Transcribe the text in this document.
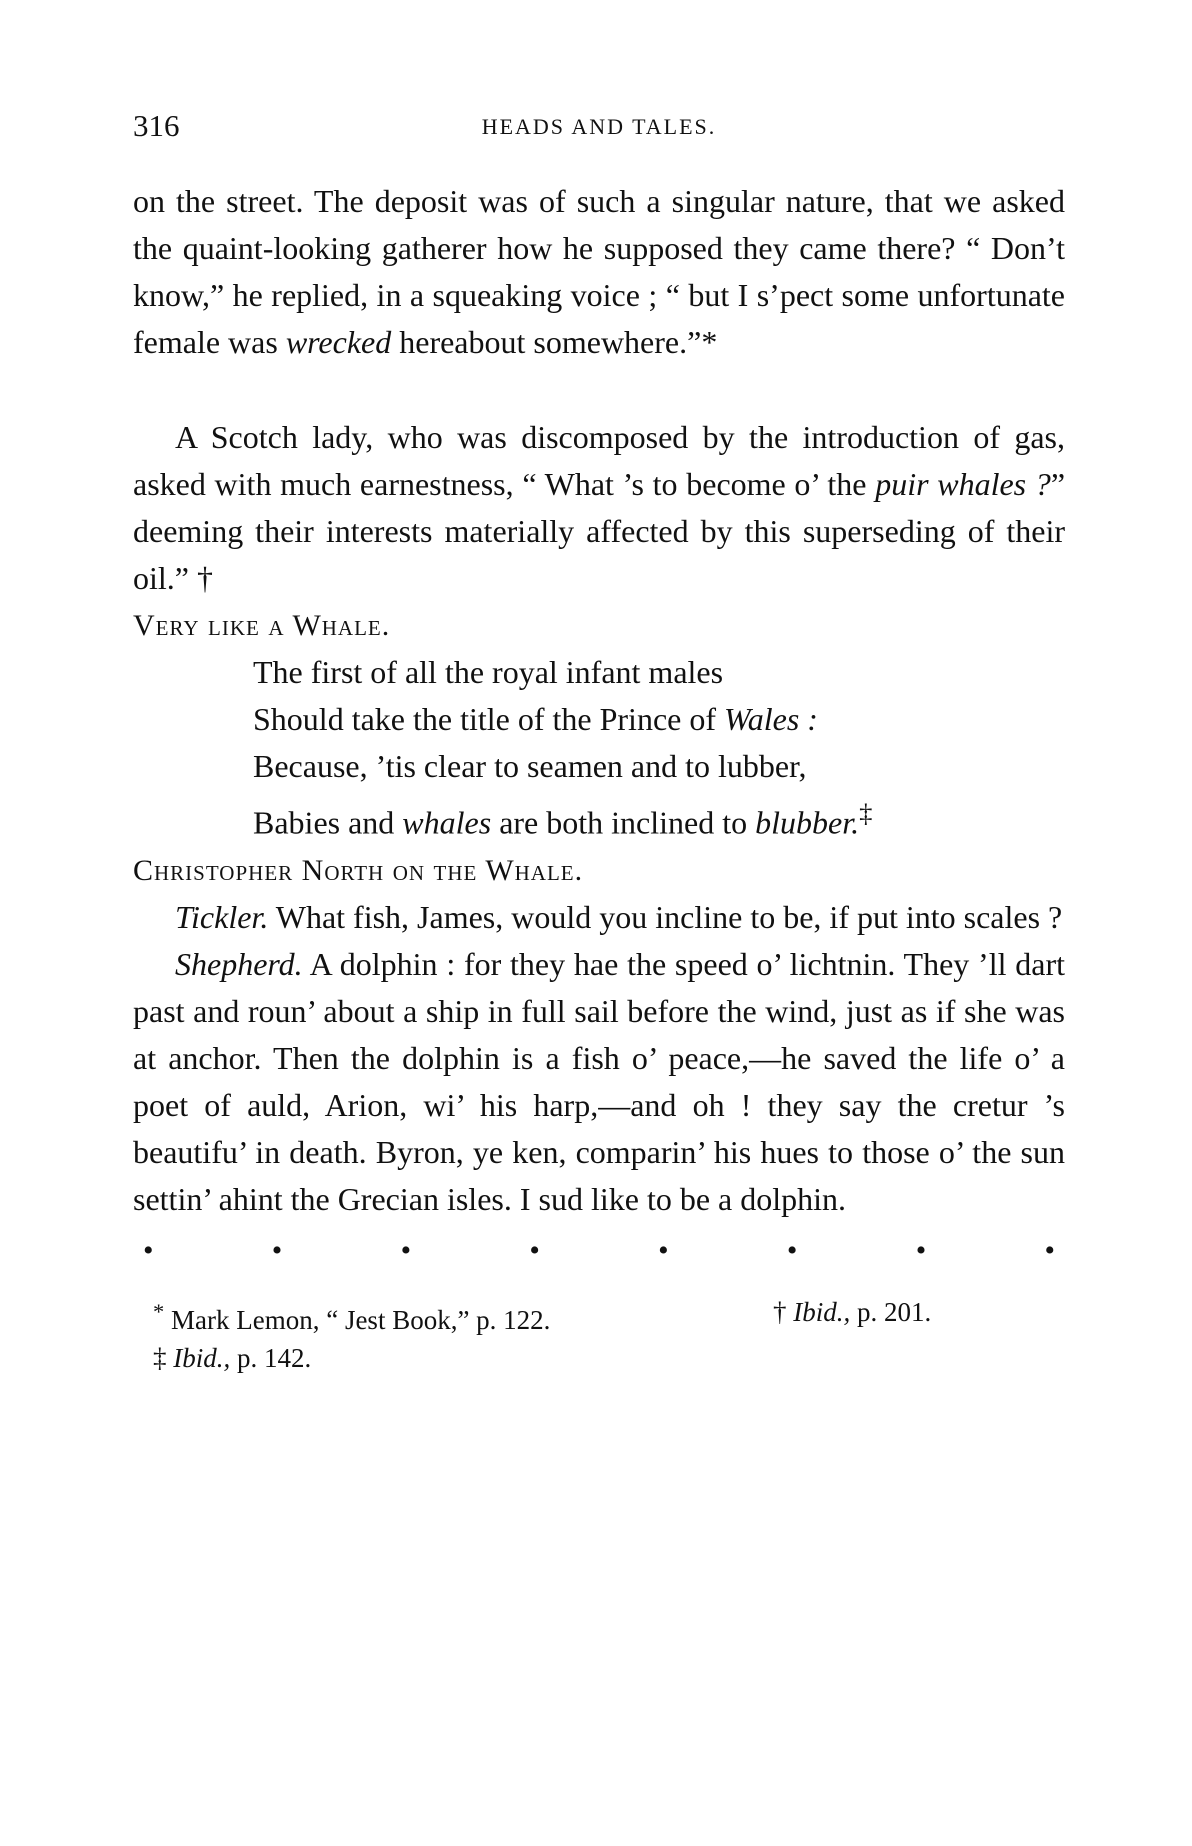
316	HEADS AND TALES.

on the street. The deposit was of such a singular nature, that we asked the quaint-looking gatherer how he supposed they came there? “ Don’t know,” he replied, in a squeaking voice ; “ but I s’pect some unfortunate female was wrecked hereabout somewhere.”*

A Scotch lady, who was discomposed by the introduction of gas, asked with much earnestness, “ What ’s to become o’ the puir whales ?” deeming their interests materially affected by this superseding of their oil.” †

Very like a Whale.

The first of all the royal infant males
Should take the title of the Prince of Wales :
Because, ’tis clear to seamen and to lubber,
Babies and whales are both inclined to blubber.‡

Christopher North on the Whale.

Tickler. What fish, James, would you incline to be, if put into scales ?

Shepherd. A dolphin : for they hae the speed o’ lichtnin. They ’ll dart past and roun’ about a ship in full sail before the wind, just as if she was at anchor. Then the dolphin is a fish o’ peace,—he saved the life o’ a poet of auld, Arion, wi’ his harp,—and oh ! they say the cretur ’s beautifu’ in death. Byron, ye ken, comparin’ his hues to those o’ the sun settin’ ahint the Grecian isles. I sud like to be a dolphin.

•	•	•	•	•	•	•	•
* Mark Lemon, “ Jest Book,” p. 122.	† Ibid., p. 201.
‡ Ibid., p. 142.
